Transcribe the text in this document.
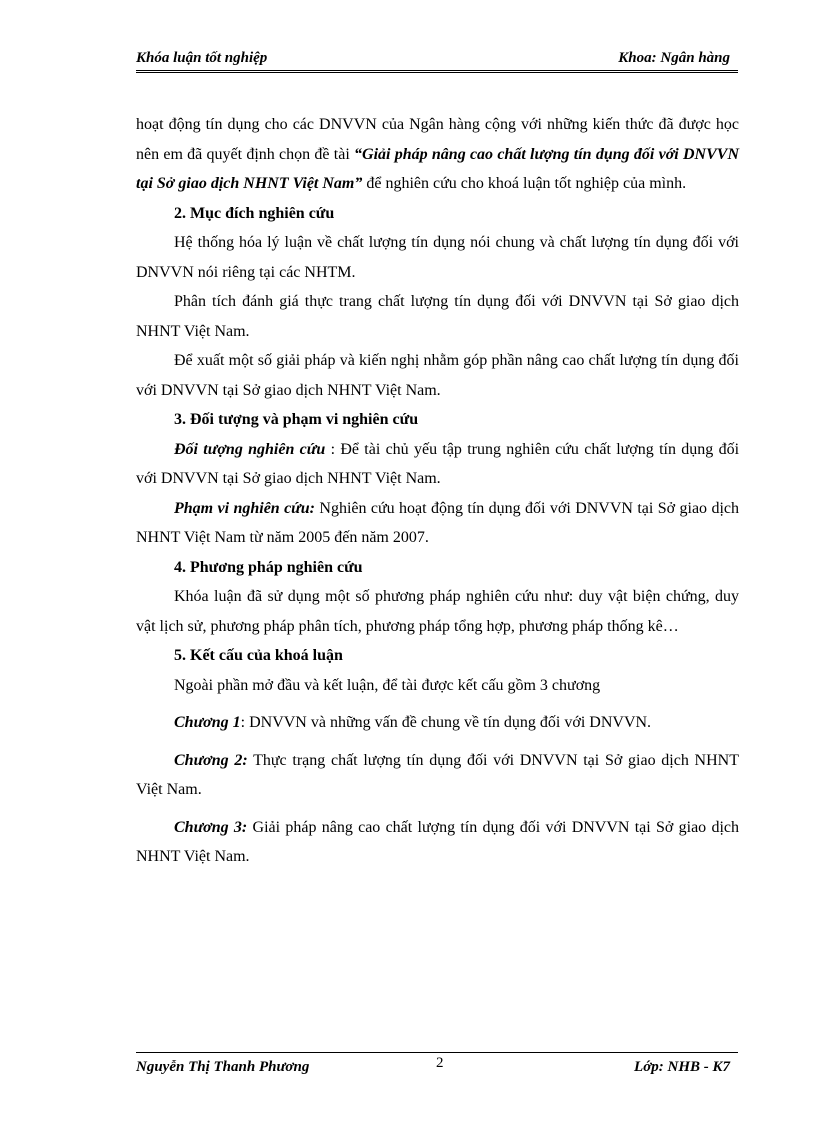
Khóa luận tốt nghiệp	Khoa: Ngân hàng

hoạt động tín dụng cho các DNVVN của Ngân hàng cộng với những kiến thức đã được học nên em đã quyết định chọn đề tài “Giải pháp nâng cao chất lượng tín dụng đối với DNVVN tại Sở giao dịch NHNT Việt Nam” để nghiên cứu cho khoá luận tốt nghiệp của mình.

2. Mục đích nghiên cứu

Hệ thống hóa lý luận về chất lượng tín dụng nói chung và chất lượng tín dụng đối với DNVVN nói riêng tại các NHTM.

Phân tích đánh giá thực trang chất lượng tín dụng đối với DNVVN tại Sở giao dịch NHNT Việt Nam.

Để xuất một số giải pháp và kiến nghị nhằm góp phần nâng cao chất lượng tín dụng đối với DNVVN tại Sở giao dịch NHNT Việt Nam.

3. Đối tượng và phạm vi nghiên cứu

Đối tượng nghiên cứu : Để tài chủ yếu tập trung nghiên cứu chất lượng tín dụng đối với DNVVN tại Sở giao dịch NHNT Việt Nam.

Phạm vi nghiên cứu: Nghiên cứu hoạt động tín dụng đối với DNVVN tại Sở giao dịch NHNT Việt Nam từ năm 2005 đến năm 2007.

4. Phương pháp nghiên cứu

Khóa luận đã sử dụng một số phương pháp nghiên cứu như: duy vật biện chứng, duy vật lịch sử, phương pháp phân tích, phương pháp tổng hợp, phương pháp thống kê…

5. Kết cấu của khoá luận

Ngoài phần mở đầu và kết luận, để tài được kết cấu gồm 3 chương

Chương 1: DNVVN và những vấn đề chung về tín dụng đối với DNVVN.

Chương 2: Thực trạng chất lượng tín dụng đối với DNVVN tại Sở giao dịch NHNT Việt Nam.

Chương 3: Giải pháp nâng cao chất lượng tín dụng đối với DNVVN tại Sở giao dịch NHNT Việt Nam.

Nguyễn Thị Thanh Phương	2	Lớp: NHB - K7
